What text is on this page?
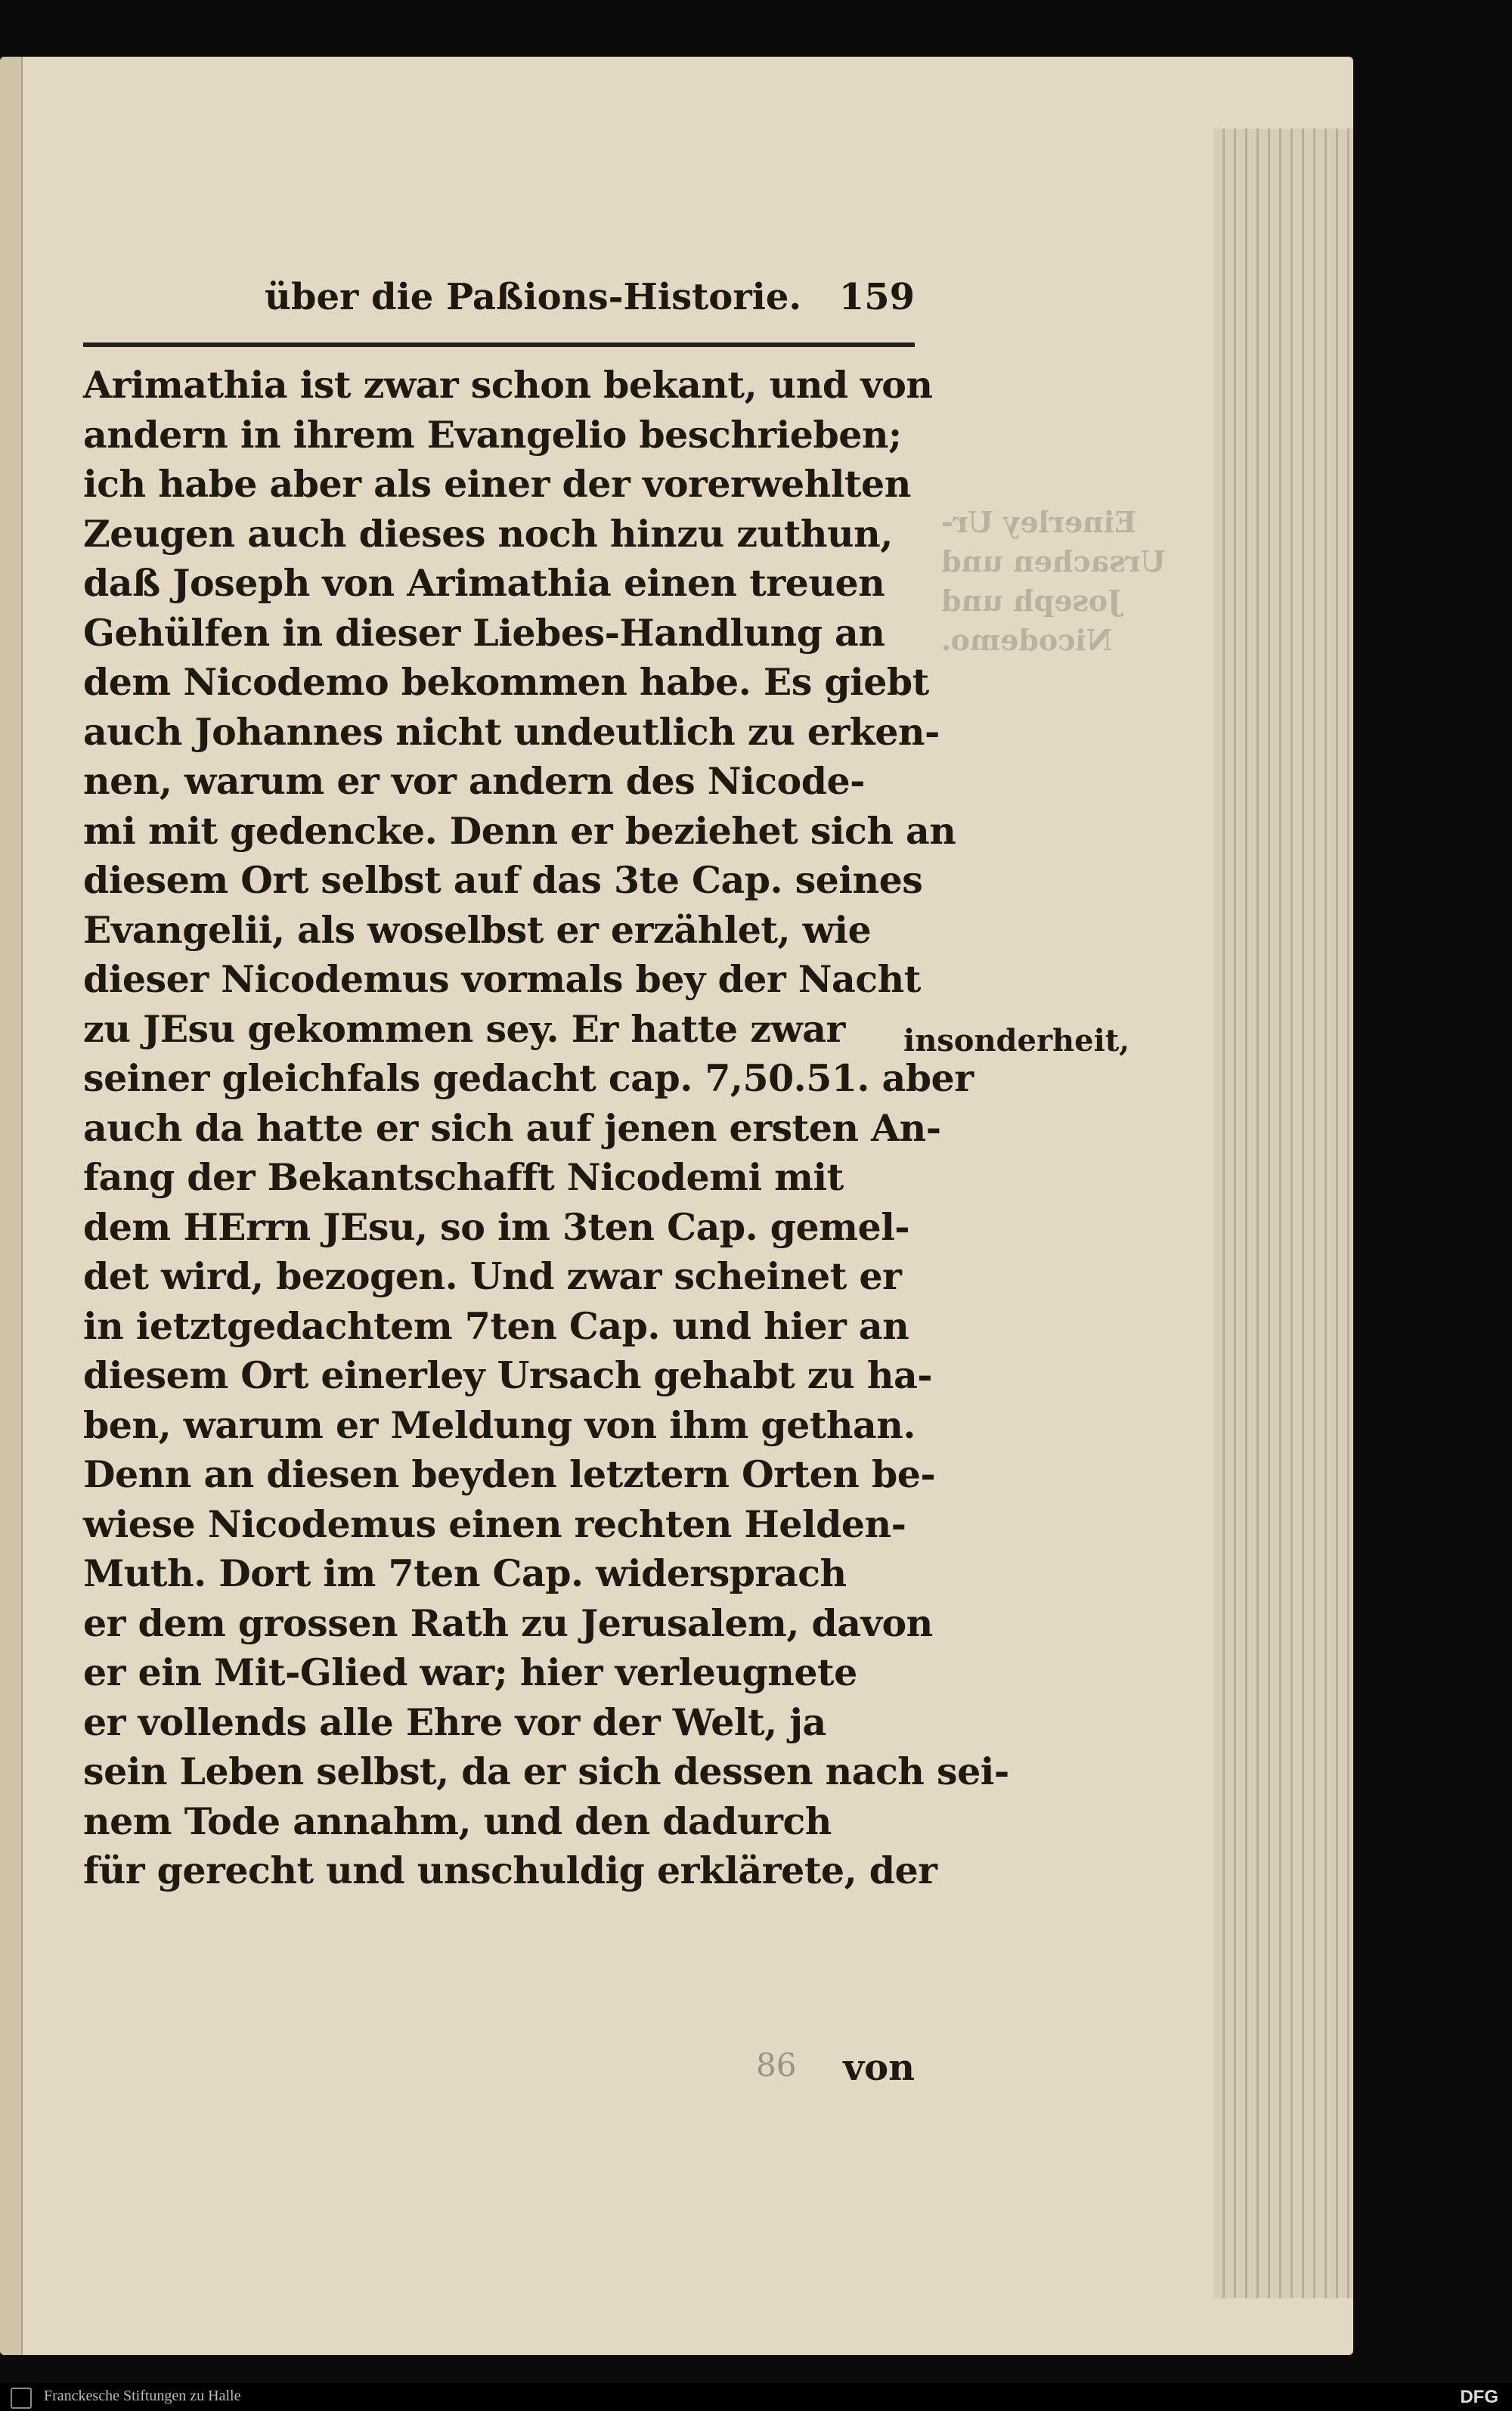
Einerley Ur-
Ursachen und
Joseph und
Nicodemo.
über die Paßions-Historie. 159
Arimathia ist zwar schon bekant, und von
andern in ihrem Evangelio beschrieben;
ich habe aber als einer der vorerwehlten
Zeugen auch dieses noch hinzu zuthun,
daß Joseph von Arimathia einen treuen
Gehülfen in dieser Liebes-Handlung an
dem Nicodemo bekommen habe. Es giebt
auch Johannes nicht undeutlich zu erken-
nen, warum er vor andern des Nicode-
mi mit gedencke. Denn er beziehet sich an
diesem Ort selbst auf das 3te Cap. seines
Evangelii, als woselbst er erzählet, wie
dieser Nicodemus vormals bey der Nacht
zu JEsu gekommen sey. Er hatte zwar
seiner gleichfals gedacht cap. 7,50.51. aber
auch da hatte er sich auf jenen ersten An-
fang der Bekantschafft Nicodemi mit
dem HErrn JEsu, so im 3ten Cap. gemel-
det wird, bezogen. Und zwar scheinet er
in ietztgedachtem 7ten Cap. und hier an
diesem Ort einerley Ursach gehabt zu ha-
ben, warum er Meldung von ihm gethan.
Denn an diesen beyden letztern Orten be-
wiese Nicodemus einen rechten Helden-
Muth. Dort im 7ten Cap. widersprach
er dem grossen Rath zu Jerusalem, davon
er ein Mit-Glied war; hier verleugnete
er vollends alle Ehre vor der Welt, ja
sein Leben selbst, da er sich dessen nach sei-
nem Tode annahm, und den dadurch
für gerecht und unschuldig erklärete, der
insonderheit,
86	von
Franckesche Stiftungen zu Halle	DFG
